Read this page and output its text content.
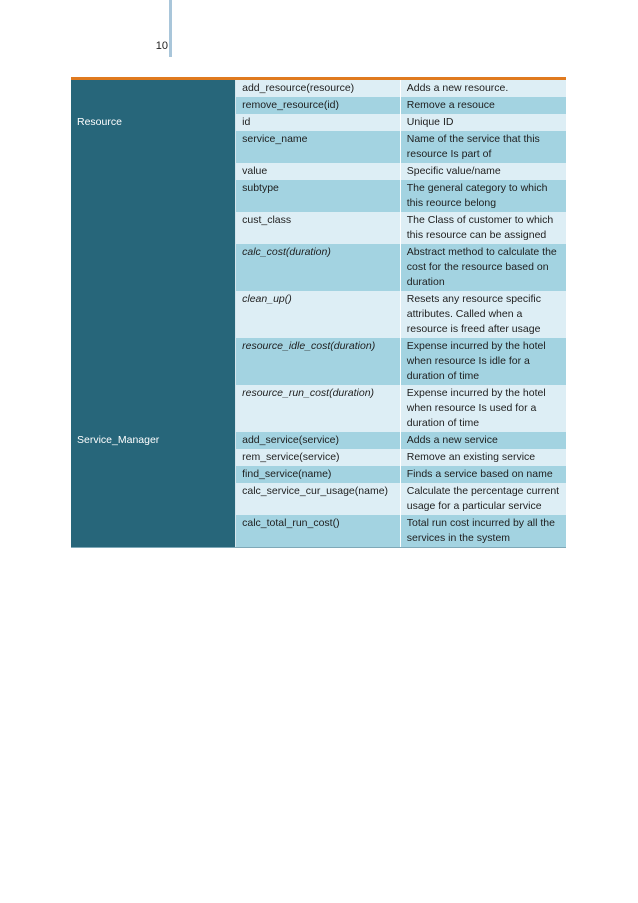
10
	add_resource(resource)	Adds a new resource.
	remove_resource(id)	Remove a resouce
Resource	id	Unique ID
	service_name	Name of the service that this resource Is part of
	value	Specific value/name
	subtype	The general category to which this reource belong
	cust_class	The Class of customer to which this resource can be assigned
	calc_cost(duration)	Abstract method to calculate the cost for the resource based on duration
	clean_up()	Resets any resource specific attributes. Called when a resource is freed after usage
	resource_idle_cost(duration)	Expense incurred by the hotel when resource Is idle for a duration of time
	resource_run_cost(duration)	Expense incurred by the hotel when resource Is used for a duration of time
Service_Manager	add_service(service)	Adds a new service
	rem_service(service)	Remove an existing service
	find_service(name)	Finds a service based on name
	calc_service_cur_usage(name)	Calculate the percentage current usage for a particular service
	calc_total_run_cost()	Total run cost incurred by all the services in the system
